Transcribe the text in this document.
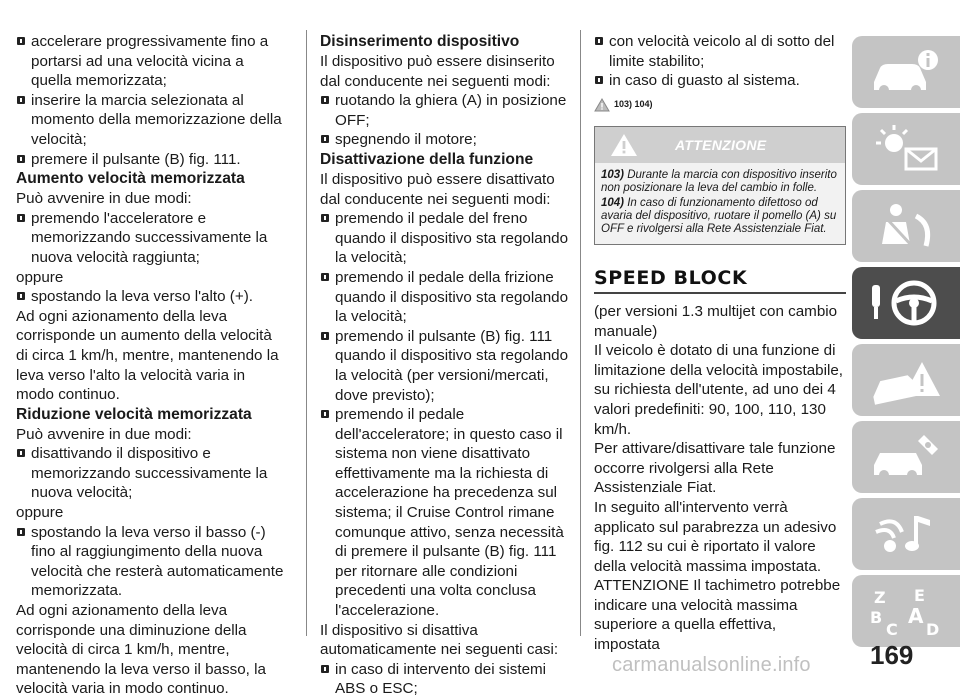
accelerare progressivamente fino a portarsi ad una velocità vicina a quella memorizzata;

inserire la marcia selezionata al momento della memorizzazione della velocità;

premere il pulsante (B) fig. 111.

Aumento velocità memorizzata

Può avvenire in due modi:

premendo l'acceleratore e memorizzando successivamente la nuova velocità raggiunta;

oppure

spostando la leva verso l'alto (+).

Ad ogni azionamento della leva corrisponde un aumento della velocità di circa 1 km/h, mentre, mantenendo la leva verso l'alto la velocità varia in modo continuo.

Riduzione velocità memorizzata

Può avvenire in due modi:

disattivando il dispositivo e memorizzando successivamente la nuova velocità;

oppure

spostando la leva verso il basso (-) fino al raggiungimento della nuova velocità che resterà automaticamente memorizzata.

Ad ogni azionamento della leva corrisponde una diminuzione della velocità di circa 1 km/h, mentre, mantenendo la leva verso il basso, la velocità varia in modo continuo.

Disinserimento dispositivo

Il dispositivo può essere disinserito dal conducente nei seguenti modi:

ruotando la ghiera (A) in posizione OFF;

spegnendo il motore;

Disattivazione della funzione

Il dispositivo può essere disattivato dal conducente nei seguenti modi:

premendo il pedale del freno quando il dispositivo sta regolando la velocità;

premendo il pedale della frizione quando il dispositivo sta regolando la velocità;

premendo il pulsante (B) fig. 111 quando il dispositivo sta regolando la velocità (per versioni/mercati, dove previsto);

premendo il pedale dell'acceleratore; in questo caso il sistema non viene disattivato effettivamente ma la richiesta di accelerazione ha precedenza sul sistema; il Cruise Control rimane comunque attivo, senza necessità di premere il pulsante (B) fig. 111 per ritornare alle condizioni precedenti una volta conclusa l'accelerazione.

Il dispositivo si disattiva automaticamente nei seguenti casi:

in caso di intervento dei sistemi ABS o ESC;

con velocità veicolo al di sotto del limite stabilito;

in caso di guasto al sistema.

103) 104)
ATTENZIONE

103) Durante la marcia con dispositivo inserito non posizionare la leva del cambio in folle.

104) In caso di funzionamento difettoso od avaria del dispositivo, ruotare il pomello (A) su OFF e rivolgersi alla Rete Assistenziale Fiat.

SPEED BLOCK

(per versioni 1.3 multijet con cambio manuale)

Il veicolo è dotato di una funzione di limitazione della velocità impostabile, su richiesta dell'utente, ad uno dei 4 valori predefiniti: 90, 100, 110, 130 km/h.

Per attivare/disattivare tale funzione occorre rivolgersi alla Rete Assistenziale Fiat.

In seguito all'intervento verrà applicato sul parabrezza un adesivo fig. 112 su cui è riportato il valore della velocità massima impostata.

ATTENZIONE Il tachimetro potrebbe indicare una velocità massima superiore a quella effettiva, impostata

Z E
B A
C D
169
carmanualsonline.info
